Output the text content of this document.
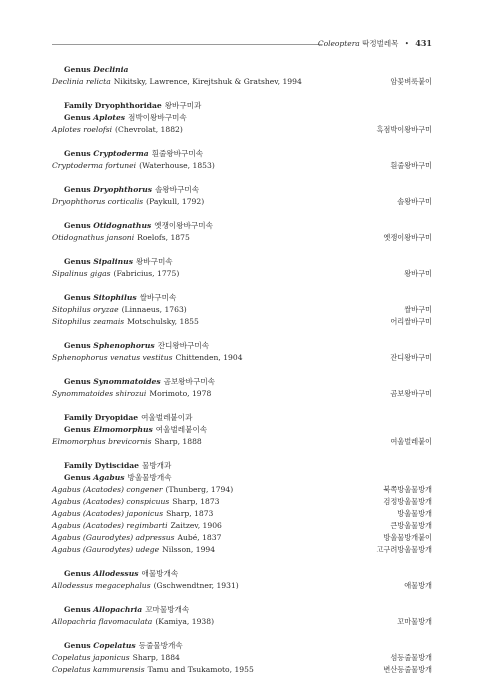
Coleoptera 딱정벌레목 • 431
Genus Declinia
Declinia relicta Nikitsky, Lawrence, Kirejtshuk & Gratshev, 1994	암꽃벼룩붙이
Family Dryophthoridae 왕바구미과
Genus Aplotes 점박이왕바구미속
Aplotes roelofsi (Chevrolat, 1882)	흑점박이왕바구미
Genus Cryptoderma 흰줄왕바구미속
Cryptoderma fortunei (Waterhouse, 1853)	흰줄왕바구미
Genus Dryophthorus 솔왕바구미속
Dryophthorus corticalis (Paykull, 1792)	솔왕바구미
Genus Otidognathus 옛쟁이왕바구미속
Otidognathus jansoni Roelofs, 1875	옛쟁이왕바구미
Genus Sipalinus 왕바구미속
Sipalinus gigas (Fabricius, 1775)	왕바구미
Genus Sitophilus 쌀바구미속
Sitophilus oryzae (Linnaeus, 1763)	쌀바구미
Sitophilus zeamais Motschulsky, 1855	어리쌀바구미
Genus Sphenophorus 잔디왕바구미속
Sphenophorus venatus vestitus Chittenden, 1904	잔디왕바구미
Genus Synommatoides 곰보왕바구미속
Synommatoides shirozui Morimoto, 1978	곰보왕바구미
Family Dryopidae 여울벌레붙이과
Genus Elmomorphus 여울벌레붙이속
Elmomorphus brevicornis Sharp, 1888	여울벌레붙이
Family Dytiscidae 물방개과
Genus Agabus 방울물방개속
Agabus (Acatodes) congener (Thunberg, 1794)	북쪽방울물방개
Agabus (Acatodes) conspicuus Sharp, 1873	검정방울물방개
Agabus (Acatodes) japonicus Sharp, 1873	방울물방개
Agabus (Acatodes) regimbarti Zaitzev, 1906	큰방울물방개
Agabus (Gaurodytes) adpressus Aubé, 1837	방울물방개붙이
Agabus (Gaurodytes) udege Nilsson, 1994	고구려방울물방개
Genus Allodessus 애물방개속
Allodessus megacephalus (Gschwendtner, 1931)	애물방개
Genus Allopachria 꼬마물방개속
Allopachria flavomaculata (Kamiya, 1938)	꼬마물방개
Genus Copelatus 등줄물방개속
Copelatus japonicus Sharp, 1884	섬등줄물방개
Copelatus kammurensis Tamu and Tsukamoto, 1955	변산등줄물방개
